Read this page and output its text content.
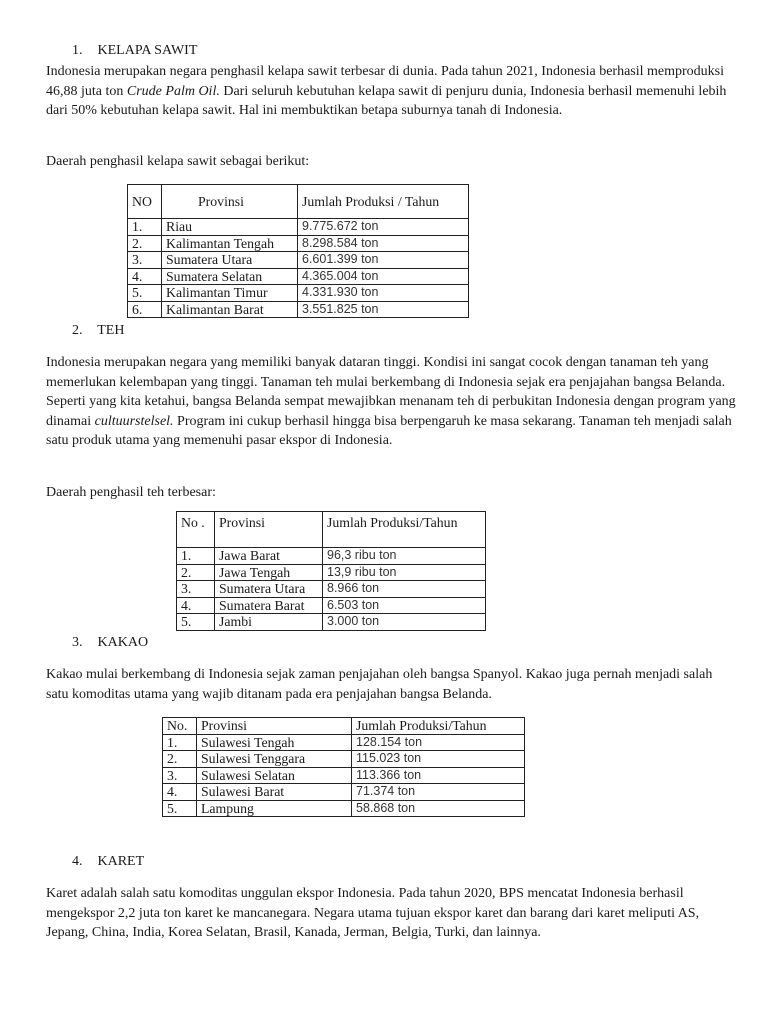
1. KELAPA SAWIT
Indonesia merupakan negara penghasil kelapa sawit terbesar di dunia. Pada tahun 2021, Indonesia berhasil memproduksi 46,88 juta ton Crude Palm Oil. Dari seluruh kebutuhan kelapa sawit di penjuru dunia, Indonesia berhasil memenuhi lebih dari 50% kebutuhan kelapa sawit. Hal ini membuktikan betapa suburnya tanah di Indonesia.
Daerah penghasil kelapa sawit sebagai berikut:
NO	Provinsi	Jumlah Produksi / Tahun
1.	Riau	9.775.672 ton
2.	Kalimantan Tengah	8.298.584 ton
3.	Sumatera Utara	6.601.399 ton
4.	Sumatera Selatan	4.365.004 ton
5.	Kalimantan Timur	4.331.930 ton
6.	Kalimantan Barat	3.551.825 ton
2. TEH
Indonesia merupakan negara yang memiliki banyak dataran tinggi. Kondisi ini sangat cocok dengan tanaman teh yang memerlukan kelembapan yang tinggi. Tanaman teh mulai berkembang di Indonesia sejak era penjajahan bangsa Belanda. Seperti yang kita ketahui, bangsa Belanda sempat mewajibkan menanam teh di perbukitan Indonesia dengan program yang dinamai cultuurstelsel. Program ini cukup berhasil hingga bisa berpengaruh ke masa sekarang. Tanaman teh menjadi salah satu produk utama yang memenuhi pasar ekspor di Indonesia.
Daerah penghasil teh terbesar:
No .	Provinsi	Jumlah Produksi/Tahun
1.	Jawa Barat	96,3 ribu ton
2.	Jawa Tengah	13,9 ribu ton
3.	Sumatera Utara	8.966 ton
4.	Sumatera Barat	6.503 ton
5.	Jambi	3.000 ton
3. KAKAO
Kakao mulai berkembang di Indonesia sejak zaman penjajahan oleh bangsa Spanyol. Kakao juga pernah menjadi salah satu komoditas utama yang wajib ditanam pada era penjajahan bangsa Belanda.
No.	Provinsi	Jumlah Produksi/Tahun
1.	Sulawesi Tengah	128.154 ton
2.	Sulawesi Tenggara	115.023 ton
3.	Sulawesi Selatan	113.366 ton
4.	Sulawesi Barat	71.374 ton
5.	Lampung	58.868 ton
4. KARET
Karet adalah salah satu komoditas unggulan ekspor Indonesia. Pada tahun 2020, BPS mencatat Indonesia berhasil mengekspor 2,2 juta ton karet ke mancanegara. Negara utama tujuan ekspor karet dan barang dari karet meliputi AS, Jepang, China, India, Korea Selatan, Brasil, Kanada, Jerman, Belgia, Turki, dan lainnya.
